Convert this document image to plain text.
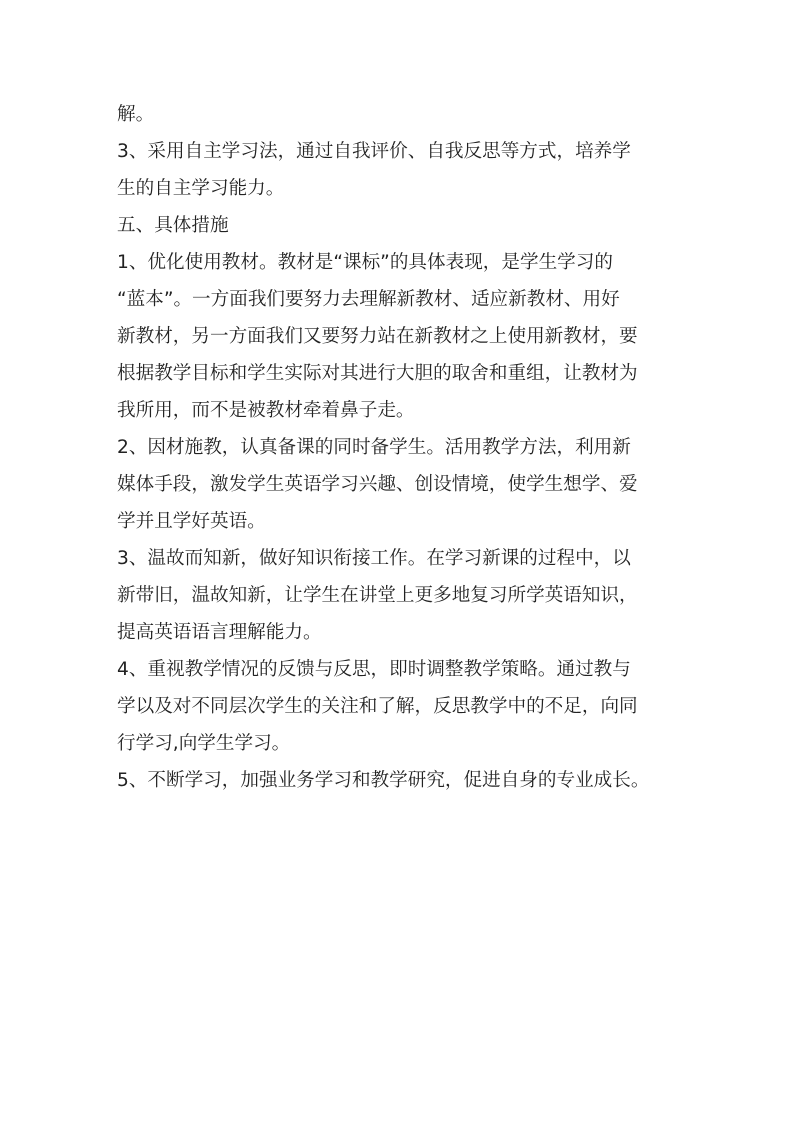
解。

3、采用自主学习法，通过自我评价、自我反思等方式，培养学
生的自主学习能力。

五、具体措施

1、优化使用教材。教材是“课标”的具体表现，是学生学习的
“蓝本”。一方面我们要努力去理解新教材、适应新教材、用好
新教材，另一方面我们又要努力站在新教材之上使用新教材，要
根据教学目标和学生实际对其进行大胆的取舍和重组，让教材为
我所用，而不是被教材牵着鼻子走。

2、因材施教，认真备课的同时备学生。活用教学方法，利用新
媒体手段，激发学生英语学习兴趣、创设情境，使学生想学、爱
学并且学好英语。

3、温故而知新，做好知识衔接工作。在学习新课的过程中，以
新带旧，温故知新，让学生在讲堂上更多地复习所学英语知识，
提高英语语言理解能力。

4、重视教学情况的反馈与反思，即时调整教学策略。通过教与
学以及对不同层次学生的关注和了解，反思教学中的不足，向同
行学习,向学生学习。

5、不断学习，加强业务学习和教学研究，促进自身的专业成长。
